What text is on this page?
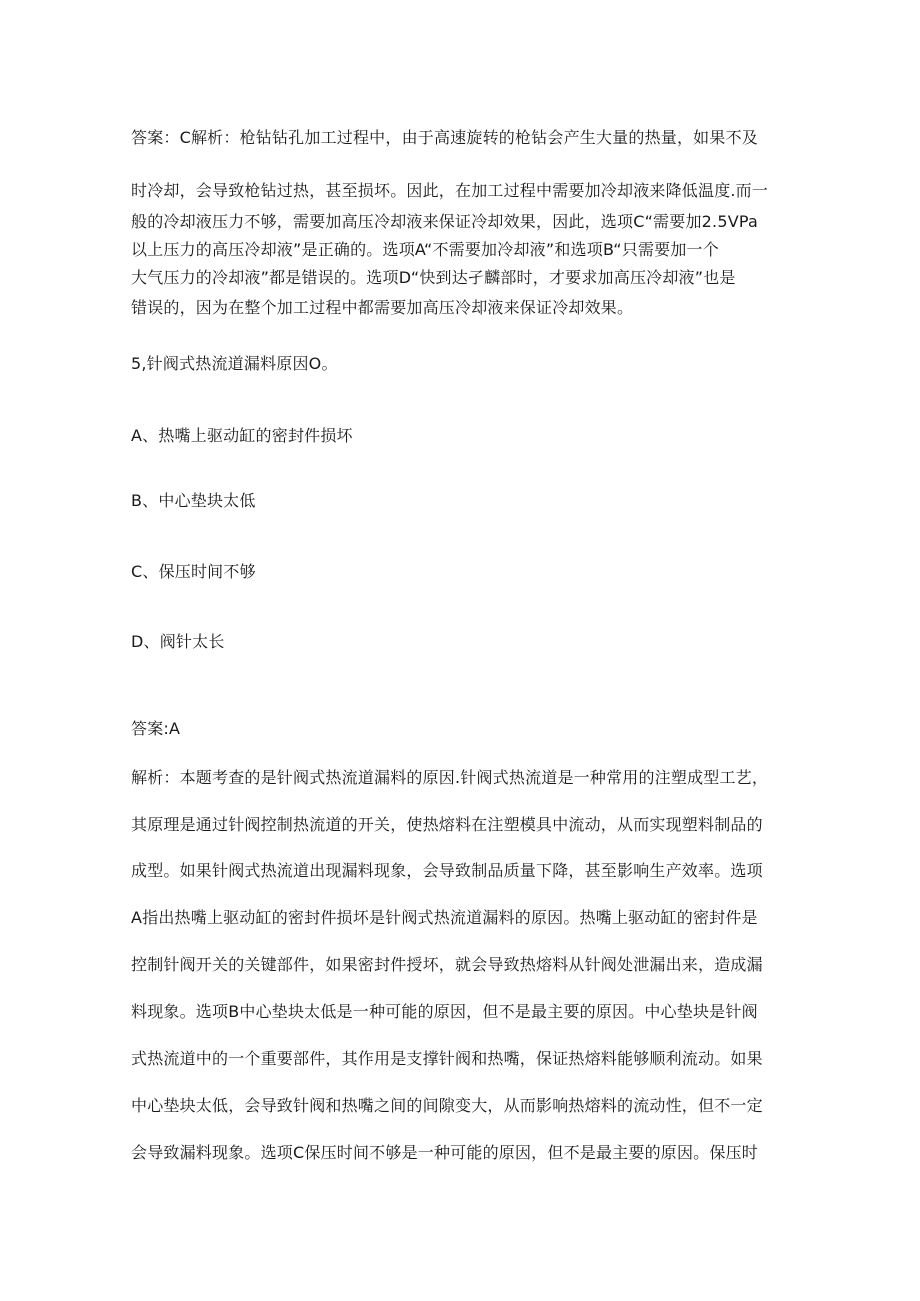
答案：C解析：枪钻钻孔加工过程中，由于高速旋转的枪钻会产生大量的热量，如果不及
时冷却，会导致枪钻过热，甚至损坏。因此，在加工过程中需要加冷却液来降低温度.而一
般的冷却液压力不够，需要加高压冷却液来保证冷却效果，因此，选项C“需要加2.5VPa
以上压力的高压冷却液”是正确的。选项A“不需要加冷却液”和选项B“只需要加一个
大气压力的冷却液”都是错误的。选项D“快到达孑麟部时，才要求加高压冷却液”也是
错误的，因为在整个加工过程中都需要加高压冷却液来保证冷却效果。
5,针阀式热流道漏料原因O。
A、热嘴上驱动缸的密封件损坏
B、中心垫块太低
C、保压时间不够
D、阀针太长
答案:A
解析：本题考查的是针阀式热流道漏料的原因.针阀式热流道是一种常用的注塑成型工艺，
其原理是通过针阀控制热流道的开关，使热熔料在注塑模具中流动，从而实现塑料制品的
成型。如果针阀式热流道出现漏料现象，会导致制品质量下降，甚至影响生产效率。选项
A指出热嘴上驱动缸的密封件损坏是针阀式热流道漏料的原因。热嘴上驱动缸的密封件是
控制针阀开关的关键部件，如果密封件授坏，就会导致热熔料从针阀处泄漏出来，造成漏
料现象。选项B中心垫块太低是一种可能的原因，但不是最主要的原因。中心垫块是针阀
式热流道中的一个重要部件，其作用是支撑针阀和热嘴，保证热熔料能够顺利流动。如果
中心垫块太低，会导致针阀和热嘴之间的间隙变大，从而影响热熔料的流动性，但不一定
会导致漏料现象。选项C保压时间不够是一种可能的原因，但不是最主要的原因。保压时
